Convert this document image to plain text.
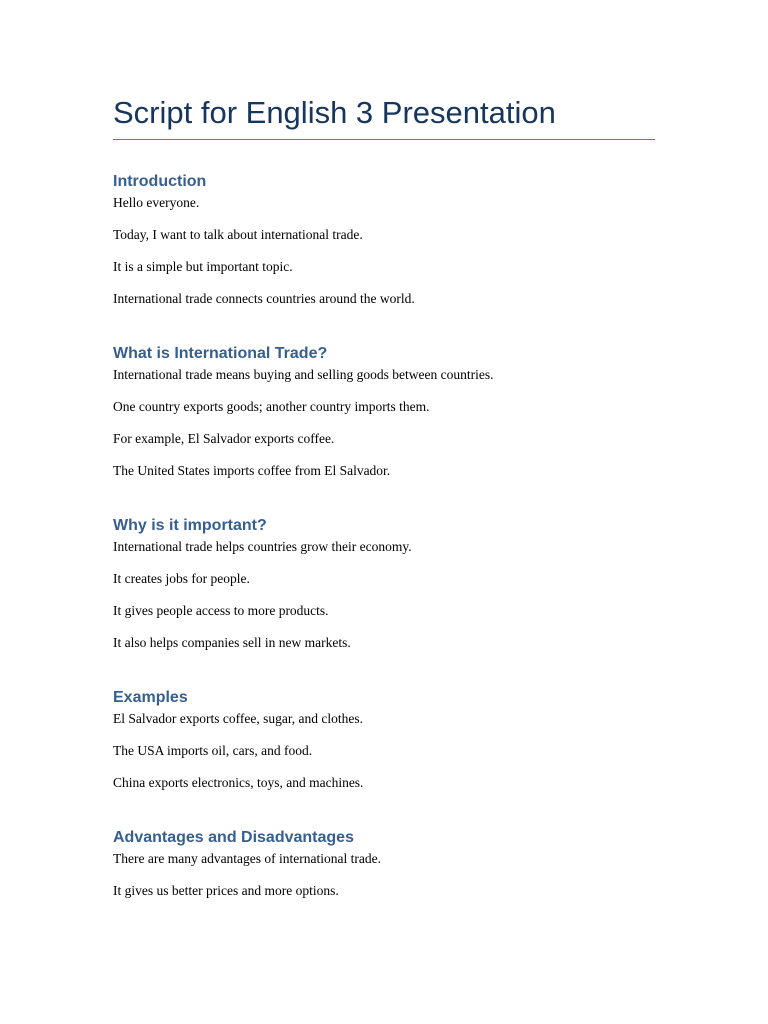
Script for English 3 Presentation
Introduction
Hello everyone.
Today, I want to talk about international trade.
It is a simple but important topic.
International trade connects countries around the world.
What is International Trade?
International trade means buying and selling goods between countries.
One country exports goods; another country imports them.
For example, El Salvador exports coffee.
The United States imports coffee from El Salvador.
Why is it important?
International trade helps countries grow their economy.
It creates jobs for people.
It gives people access to more products.
It also helps companies sell in new markets.
Examples
El Salvador exports coffee, sugar, and clothes.
The USA imports oil, cars, and food.
China exports electronics, toys, and machines.
Advantages and Disadvantages
There are many advantages of international trade.
It gives us better prices and more options.
